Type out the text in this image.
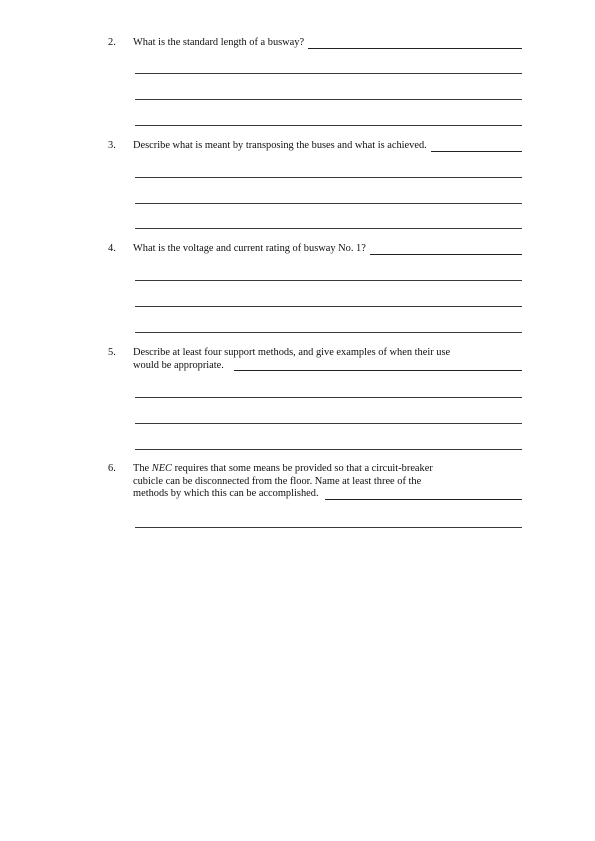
2.	What is the standard length of a busway?
3.	Describe what is meant by transposing the buses and what is achieved.
4.	What is the voltage and current rating of busway No. 1?
5.	Describe at least four support methods, and give examples of when their use
would be appropriate.
6.	The NEC requires that some means be provided so that a circuit-breaker
cubicle can be disconnected from the floor. Name at least three of the
methods by which this can be accomplished.
